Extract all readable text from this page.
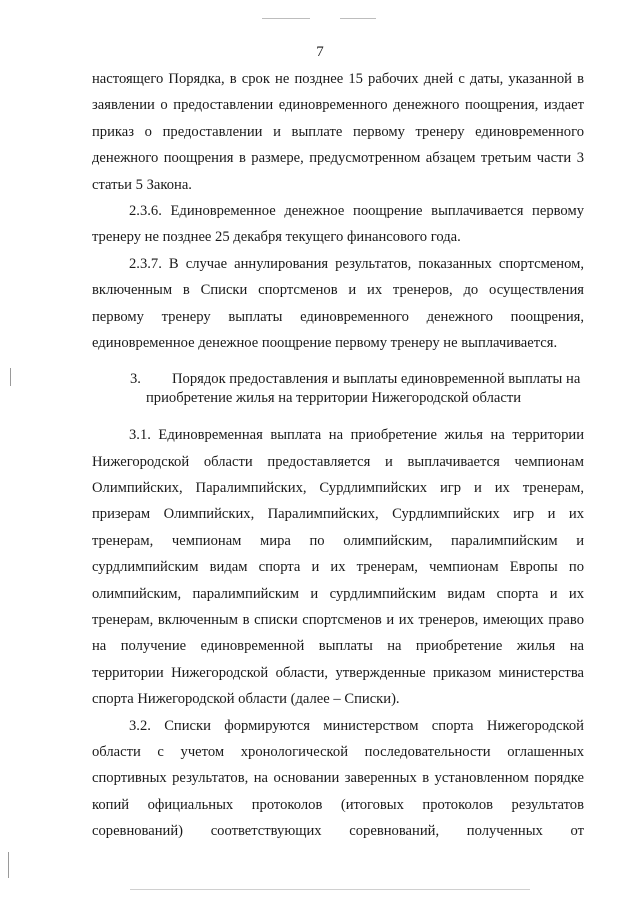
7
настоящего Порядка, в срок не позднее 15 рабочих дней с даты, указанной в
заявлении о предоставлении единовременного денежного поощрения, издает
приказ о предоставлении и выплате первому тренеру единовременного
денежного поощрения в размере, предусмотренном абзацем третьим части 3
статьи 5 Закона.
2.3.6. Единовременное денежное поощрение выплачивается первому
тренеру не позднее 25 декабря текущего финансового года.
2.3.7. В случае аннулирования результатов, показанных спортсменом,
включенным в Списки спортсменов и их тренеров, до осуществления
первому тренеру выплаты единовременного денежного поощрения,
единовременное денежное поощрение первому тренеру не выплачивается.
3.	Порядок предоставления и выплаты единовременной выплаты на
приобретение жилья на территории Нижегородской области
3.1. Единовременная выплата на приобретение жилья на территории
Нижегородской области предоставляется и выплачивается чемпионам
Олимпийских, Паралимпийских, Сурдлимпийских игр и их тренерам,
призерам Олимпийских, Паралимпийских, Сурдлимпийских игр и их
тренерам, чемпионам мира по олимпийским, паралимпийским и
сурдлимпийским видам спорта и их тренерам, чемпионам Европы по
олимпийским, паралимпийским и сурдлимпийским видам спорта и их
тренерам, включенным в списки спортсменов и их тренеров, имеющих право
на получение единовременной выплаты на приобретение жилья на
территории Нижегородской области, утвержденные приказом министерства
спорта Нижегородской области (далее – Списки).
3.2. Списки формируются министерством спорта Нижегородской
области с учетом хронологической последовательности оглашенных
спортивных результатов, на основании заверенных в установленном порядке
копий официальных протоколов (итоговых протоколов результатов
соревнований) соответствующих соревнований, полученных от
